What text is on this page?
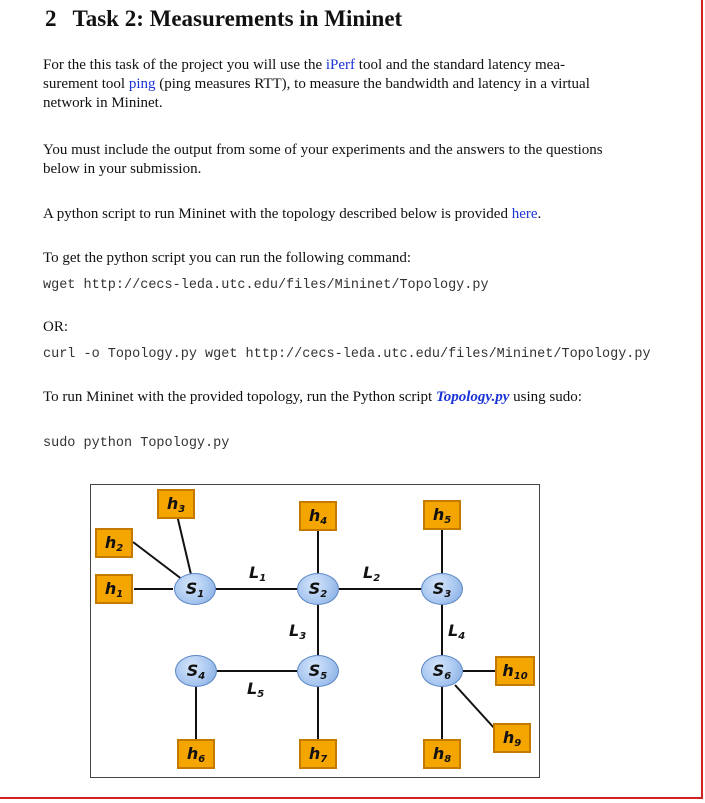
2 Task 2: Measurements in Mininet
For the this task of the project you will use the iPerf tool and the standard latency mea-
surement tool ping (ping measures RTT), to measure the bandwidth and latency in a virtual
network in Mininet.
You must include the output from some of your experiments and the answers to the questions
below in your submission.
A python script to run Mininet with the topology described below is provided here.
To get the python script you can run the following command:
wget http://cecs-leda.utc.edu/files/Mininet/Topology.py
OR:
curl -o Topology.py wget http://cecs-leda.utc.edu/files/Mininet/Topology.py
To run Mininet with the provided topology, run the Python script Topology.py using sudo:
sudo python Topology.py
$h_3$	$h_4$	$h_5$
$h_2$
$h_1$
$h_{10}$
$h_9$
$h_6$	$h_7$	$h_8$
$S_1$	$S_2$	$S_3$
$S_4$	$S_5$	$S_6$
$L_1$	$L_2$
$L_3$	$L_4$
$L_5$
